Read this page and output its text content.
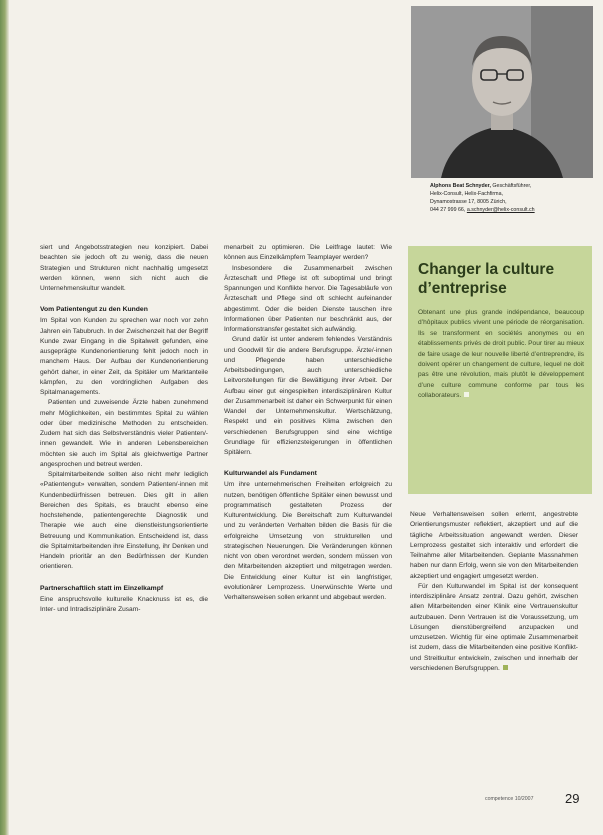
Alphons Beat Schnyder, Geschäftsführer,
Helix-Consult, Helix-Fachfirma,
Dynamostrasse 17, 8005 Zürich,
044 27 999 66, a.schnyder@helix-consult.ch

siert und Angebotsstrategien neu konzipiert. Dabei beachten sie jedoch oft zu wenig, dass die neuen Strategien und Strukturen nicht nachhaltig umgesetzt werden können, wenn sich nicht auch die Unternehmenskultur wandelt.

Vom Patientengut zu den Kunden

Im Spital von Kunden zu sprechen war noch vor zehn Jahren ein Tabubruch. In der Zwischenzeit hat der Begriff Kunde zwar Eingang in die Spitalwelt gefunden, eine ausgeprägte Kundenorientierung fehlt jedoch noch in manchem Haus. Der Aufbau der Kundenorientierung gehört daher, in einer Zeit, da Spitäler um Marktanteile kämpfen, zu den vordringlichen Aufgaben des Spitalmanagements.

Patienten und zuweisende Ärzte haben zunehmend mehr Möglichkeiten, ein bestimmtes Spital zu wählen oder über medizinische Methoden zu entscheiden. Zudem hat sich das Selbstverständnis vieler Patienten/-innen gewandelt. Wie in anderen Lebensbereichen möchten sie auch im Spital als gleichwertige Partner angesprochen und betreut werden.

Spitalmitarbeitende sollten also nicht mehr lediglich «Patientengut» verwalten, sondern Patienten/-innen mit Kundenbedürfnissen betreuen. Dies gilt in allen Bereichen des Spitals, es braucht ebenso eine hochstehende, patientengerechte Diagnostik und Therapie wie auch eine dienstleistungsorientierte Betreuung und Kommunikation. Entscheidend ist, dass die Spitalmitarbeitenden ihre Einstellung, ihr Denken und Handeln prioritär an den Bedürfnissen der Kunden orientieren.

Partnerschaftlich statt im Einzelkampf

Eine anspruchsvolle kulturelle Knacknuss ist es, die Inter- und Intradisziplinäre Zusam-

menarbeit zu optimieren. Die Leitfrage lautet: Wie können aus Einzelkämpfern Teamplayer werden?

Insbesondere die Zusammenarbeit zwischen Ärzteschaft und Pflege ist oft suboptimal und bringt Spannungen und Konflikte hervor. Die Tagesabläufe von Ärzteschaft und Pflege sind oft schlecht aufeinander abgestimmt. Oder die beiden Dienste tauschen ihre Informationen über Patienten nur beschränkt aus, der Informationstransfer gestaltet sich aufwändig.

Grund dafür ist unter anderem fehlendes Verständnis und Goodwill für die andere Berufsgruppe. Ärzte/-innen und Pflegende haben unterschiedliche Arbeitsbedingungen, auch unterschiedliche Leitvorstellungen für die Bewältigung ihrer Arbeit. Der Aufbau einer gut eingespielten interdisziplinären Kultur der Zusammenarbeit ist daher ein Schwerpunkt für einen Wandel der Unternehmenskultur. Wertschätzung, Respekt und ein positives Klima zwischen den verschiedenen Berufsgruppen sind eine wichtige Grundlage für effizienzsteigerungen in öffentlichen Spitälern.

Kulturwandel als Fundament

Um ihre unternehmerischen Freiheiten erfolgreich zu nutzen, benötigen öffentliche Spitäler einen bewusst und programmatisch gestalteten Prozess der Kulturentwicklung. Die Bereitschaft zum Kulturwandel und zu veränderten Verhalten bilden die Basis für die erfolgreiche Umsetzung von strukturellen und strategischen Neuerungen. Die Veränderungen können nicht von oben verordnet werden, sondern müssen von den Mitarbeitenden akzeptiert und mitgetragen werden. Die Entwicklung einer Kultur ist ein langfristiger, evolutionärer Lernprozess. Unerwünschte Werte und Verhaltensweisen sollen erkannt und abgebaut werden.

Changer la culture d’entreprise
Obtenant une plus grande indépendance, beaucoup d’hôpitaux publics vivent une période de réorganisation. Ils se transforment en sociétés anonymes ou en établissements privés de droit public. Pour tirer au mieux de faire usage de leur nouvelle liberté d’entreprendre, ils doivent opérer un changement de culture, lequel ne doit pas être une révolution, mais plutôt le développement d’une culture commune conforme par tous les collaborateurs.

Neue Verhaltensweisen sollen erlernt, angestrebte Orientierungsmuster reflektiert, akzeptiert und auf die tägliche Arbeitssituation angewandt werden. Dieser Lernprozess gestaltet sich interaktiv und erfordert die Teilnahme aller Mitarbeitenden. Geplante Massnahmen haben nur dann Erfolg, wenn sie von den Mitarbeitenden akzeptiert und engagiert umgesetzt werden.

Für den Kulturwandel im Spital ist der konsequent interdisziplinäre Ansatz zentral. Dazu gehört, zwischen allen Mitarbeitenden einer Klinik eine Vertrauenskultur aufzubauen. Denn Vertrauen ist die Voraussetzung, um Lösungen dienstübergreifend anzupacken und umzusetzen. Wichtig für eine optimale Zusammenarbeit ist zudem, dass die Mitarbeitenden eine positive Konflikt- und Streitkultur entwickeln, zwischen und innerhalb der verschiedenen Berufsgruppen.

competence 10/2007 29
